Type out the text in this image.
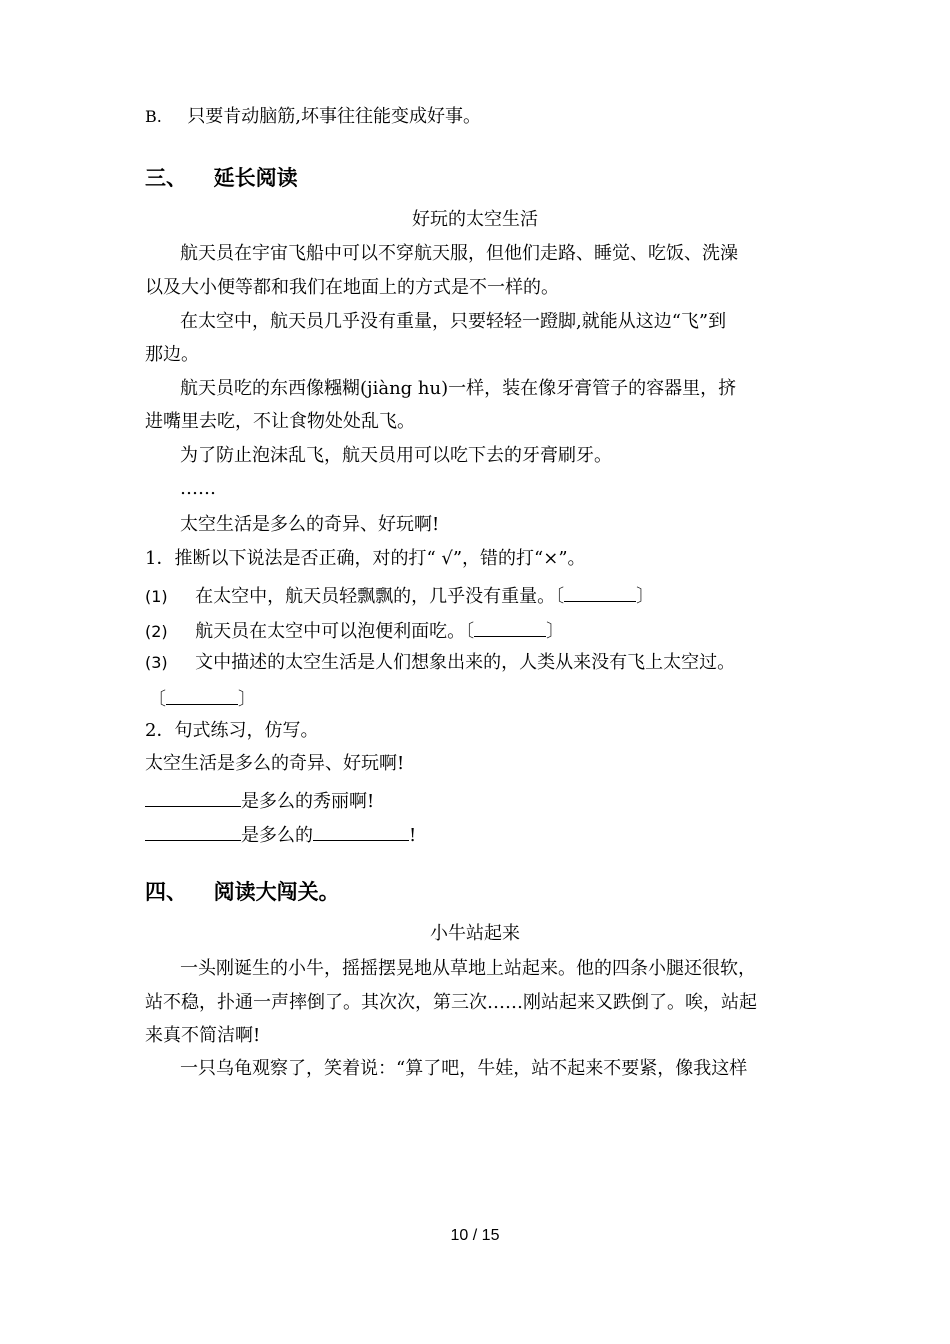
B. 只要肯动脑筋,坏事往往能变成好事。
三、 延长阅读
好玩的太空生活
航天员在宇宙飞船中可以不穿航天服，但他们走路、睡觉、吃饭、洗澡
以及大小便等都和我们在地面上的方式是不一样的。
在太空中，航天员几乎没有重量，只要轻轻一蹬脚,就能从这边“飞”到
那边。
航天员吃的东西像糨糊(jiàng hu)一样，装在像牙膏管子的容器里，挤
进嘴里去吃，不让食物处处乱飞。
为了防止泡沫乱飞，航天员用可以吃下去的牙膏刷牙。
……
太空生活是多么的奇异、好玩啊!
1．推断以下说法是否正确，对的打“ √”，错的打“×”。
(1) 在太空中，航天员轻飘飘的，几乎没有重量。〔	〕
(2) 航天员在太空中可以泡便利面吃。〔	〕
(3) 文中描述的太空生活是人们想象出来的，人类从来没有飞上太空过。
〔	〕
2．句式练习，仿写。
太空生活是多么的奇异、好玩啊!
是多么的秀丽啊!
是多么的	!
四、 阅读大闯关。
小牛站起来
一头刚诞生的小牛，摇摇摆晃地从草地上站起来。他的四条小腿还很软，
站不稳，扑通一声摔倒了。其次次，第三次……刚站起来又跌倒了。唉，站起
来真不简洁啊!
一只乌龟观察了，笑着说：“算了吧，牛娃，站不起来不要紧，像我这样
10 / 15
